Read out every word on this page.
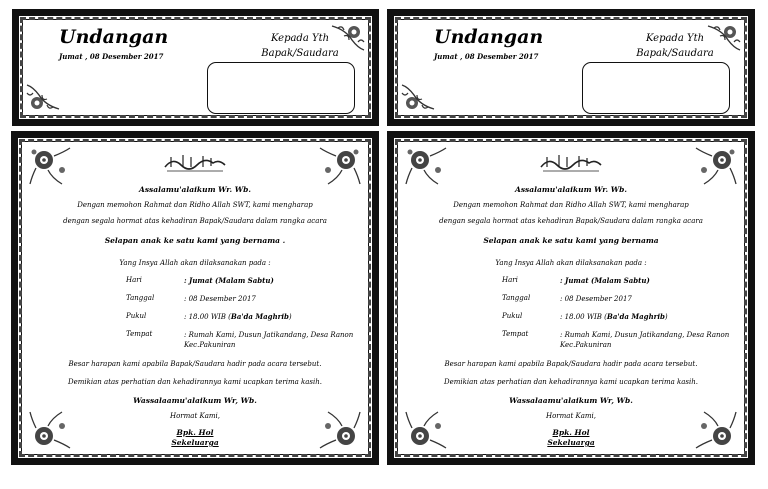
Undangan
Jumat , 08 Desember 2017
Kepada Yth
Bapak/Saudara
Undangan
Jumat , 08 Desember 2017
Kepada Yth
Bapak/Saudara
Assalamu'alaikum Wr. Wb.
Dengan memohon Rahmat dan Ridho Allah SWT, kami mengharap
dengan segala hormat atas kehadiran Bapak/Saudara dalam rangka acara
Selapan anak ke satu kami yang bernama .
Yang Insya Allah akan dilaksanakan pada :
Hari	: Jumat (Malam Sabtu)
Tanggal	: 08 Desember 2017
Pukul	: 18.00 WIB (Ba'da Maghrib)
Tempat	: Rumah Kami, Dusun Jatikandang, Desa Ranon Kec.Pakuniran
Besar harapan kami apabila Bapak/Saudara hadir pada acara tersebut.
Demikian atas perhatian dan kehadirannya kami ucapkan terima kasih.
Wassalaamu'alaikum Wr, Wb.
Hormat Kami,
Bpk. Hol
Sekeluarga
Assalamu'alaikum Wr. Wb.
Dengan memohon Rahmat dan Ridho Allah SWT, kami mengharap
dengan segala hormat atas kehadiran Bapak/Saudara dalam rangka acara
Selapan anak ke satu kami yang bernama
Yang Insya Allah akan dilaksanakan pada :
Hari	: Jumat (Malam Sabtu)
Tanggal	: 08 Desember 2017
Pukul	: 18.00 WIB (Ba'da Maghrib)
Tempat	: Rumah Kami, Dusun Jatikandang, Desa Ranon Kec.Pakuniran
Besar harapan kami apabila Bapak/Saudara hadir pada acara tersebut.
Demikian atas perhatian dan kehadirannya kami ucapkan terima kasih.
Wassalaamu'alaikum Wr, Wb.
Hormat Kami,
Bpk. Hol
Sekeluarga
